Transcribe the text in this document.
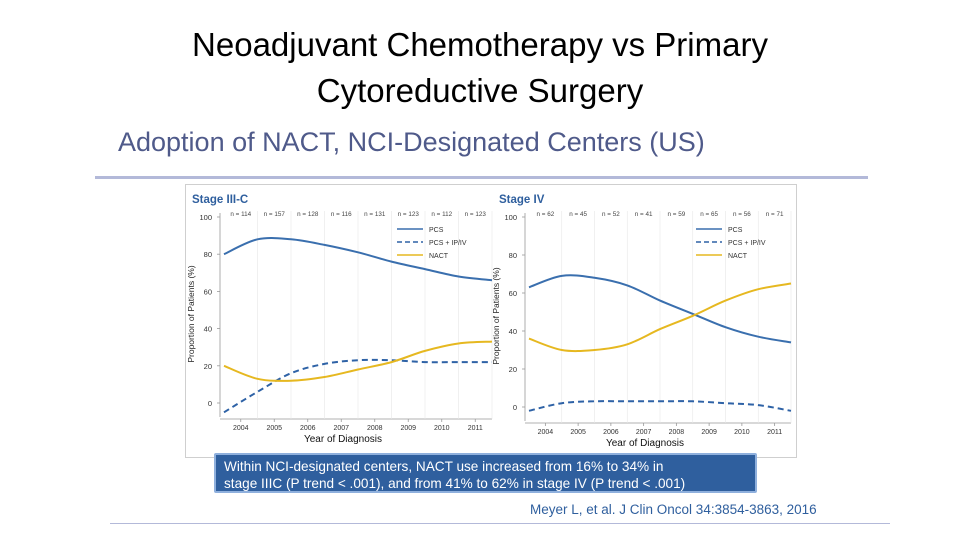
Neoadjuvant Chemotherapy vs Primary
Cytoreductive Surgery
Adoption of NACT, NCI-Designated Centers (US)
Stage III-C
0
20
40
60
80
100
Proportion of Patients (%)
2004	2005	2006	2007	2008	2009	2010	2011
Year of Diagnosis
n = 114 n = 157 n = 128 n = 116 n = 131 n = 123 n = 112 n = 123
PCS
PCS + IP/IV
NACT
Stage IV
0
20
40
60
80
100
Proportion of Patients (%)
2004 2005 2006 2007 2008 2009 2010 2011
Year of Diagnosis
n = 62 n = 45 n = 52 n = 41 n = 59 n = 65 n = 56 n = 71
PCS
PCS + IP/IV
NACT
Within NCI-designated centers, NACT use increased from 16% to 34% in
stage IIIC (P trend < .001), and from 41% to 62% in stage IV (P trend < .001)
Meyer L, et al. J Clin Oncol 34:3854-3863, 2016
